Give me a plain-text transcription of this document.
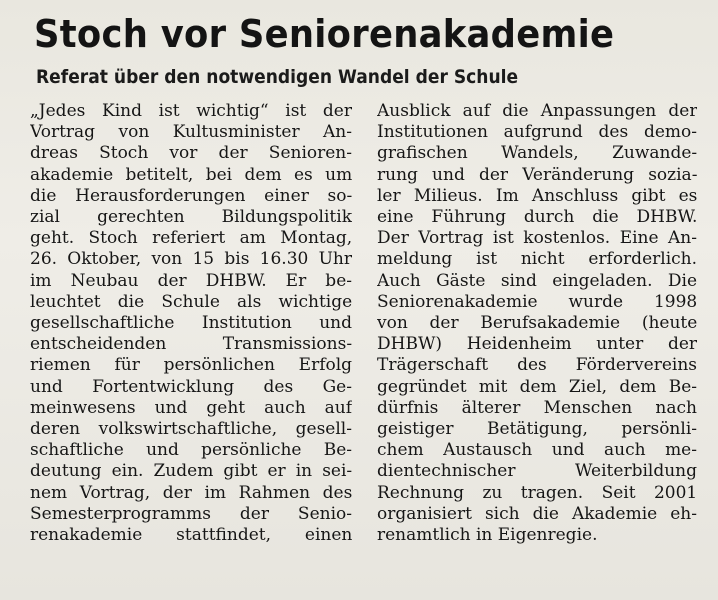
Stoch vor Seniorenakademie
Referat über den notwendigen Wandel der Schule
„Jedes Kind ist wichtig“ ist der
Vortrag von Kultusminister An-
dreas Stoch vor der Senioren-
akademie betitelt, bei dem es um
die Herausforderungen einer so-
zial gerechten Bildungspolitik
geht. Stoch referiert am Montag,
26. Oktober, von 15 bis 16.30 Uhr
im Neubau der DHBW. Er be-
leuchtet die Schule als wichtige
gesellschaftliche Institution und
entscheidenden Transmissions-
riemen für persönlichen Erfolg
und Fortentwicklung des Ge-
meinwesens und geht auch auf
deren volkswirtschaftliche, gesell-
schaftliche und persönliche Be-
deutung ein. Zudem gibt er in sei-
nem Vortrag, der im Rahmen des
Semesterprogramms der Senio-
renakademie stattfindet, einen
Ausblick auf die Anpassungen der
Institutionen aufgrund des demo-
grafischen Wandels, Zuwande-
rung und der Veränderung sozia-
ler Milieus. Im Anschluss gibt es
eine Führung durch die DHBW.
Der Vortrag ist kostenlos. Eine An-
meldung ist nicht erforderlich.
Auch Gäste sind eingeladen. Die
Seniorenakademie wurde 1998
von der Berufsakademie (heute
DHBW) Heidenheim unter der
Trägerschaft des Fördervereins
gegründet mit dem Ziel, dem Be-
dürfnis älterer Menschen nach
geistiger Betätigung, persönli-
chem Austausch und auch me-
dientechnischer Weiterbildung
Rechnung zu tragen. Seit 2001
organisiert sich die Akademie eh-
renamtlich in Eigenregie.
